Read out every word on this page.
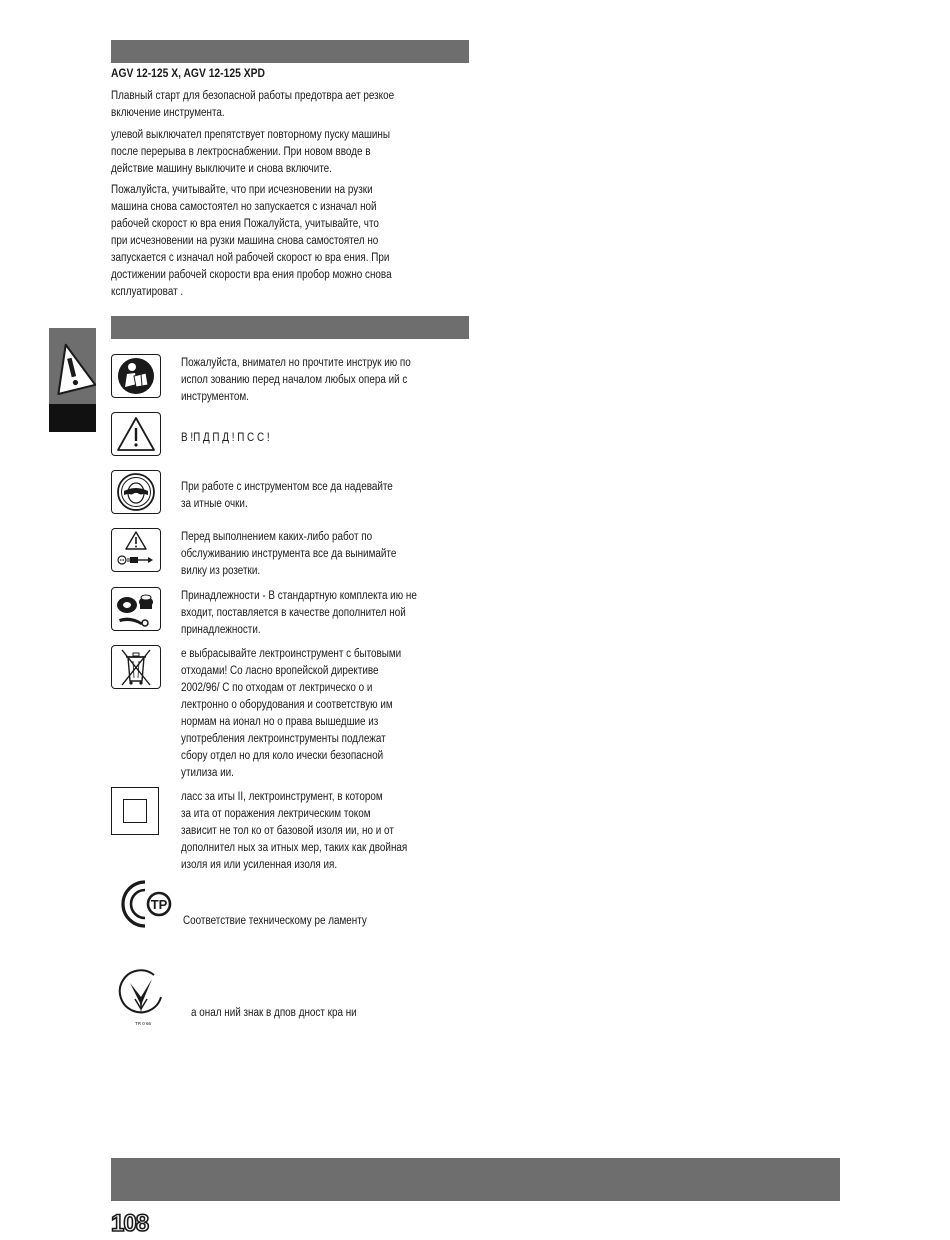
AGV 12-125 X, AGV 12-125 XPD
Плавный старт для безопасной работы предотвра ает резкое
включение инструмента.
улевой выключател препятствует повторному пуску машины
после перерыва в лектроснабжении. При новом вводе в
действие машину выключите и снова включите.
Пожалуйста, учитывайте, что при исчезновении на рузки
машина снова самостоятел но запускается с изначал ной
рабочей скорост ю вра ения Пожалуйста, учитывайте, что
при исчезновении на рузки машина снова самостоятел но
запускается с изначал ной рабочей скорост ю вра ения. При
достижении рабочей скорости вра ения пробор можно снова
ксплуатироват .
Пожалуйста, внимател но прочтите инструк ию по
испол зованию перед началом любых опера ий с
инструментом.
В !П Д П Д ! П С С !
При работе с инструментом все да надевайте
за итные очки.
Перед выполнением каких-либо работ по
обслуживанию инструмента все да вынимайте
вилку из розетки.
Принадлежности - В стандартную комплекта ию не
входит, поставляется в качестве дополнител ной
принадлежности.
е выбрасывайте лектроинструмент с бытовыми
отходами! Со ласно вропейской директиве
2002/96/ С по отходам от лектрическо о и
лектронно о оборудования и соответствую им
нормам на ионал но о права вышедшие из
употребления лектроинструменты подлежат
сбору отдел но для коло ически безопасной
утилиза ии.
ласс за иты II, лектроинструмент, в котором
за ита от поражения лектрическим током
зависит не тол ко от базовой изоля ии, но и от
дополнител ных за итных мер, таких как двойная
изоля ия или усиленная изоля ия.
ТР
Соответствие техническому ре ламенту
TR 0 66
а онал ний знак в дпов дност кра ни
108
